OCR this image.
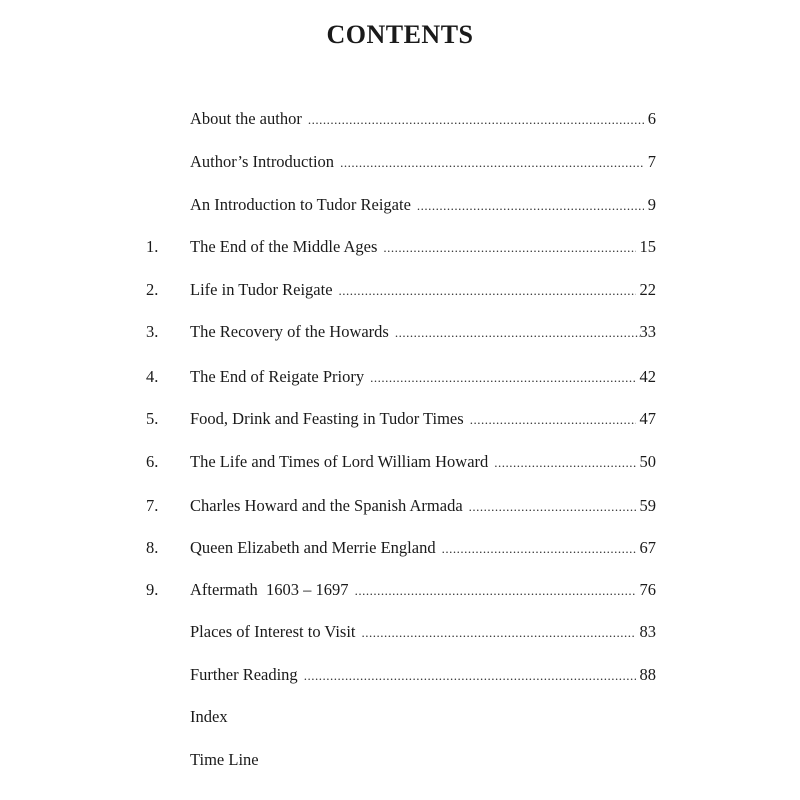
CONTENTS
About the author .....	6
Author’s Introduction .....	7
An Introduction to Tudor Reigate .....	9
1.	The End of the Middle Ages .....	15
2.	Life in Tudor Reigate .....	22
3.	The Recovery of the Howards .....	33
4.	The End of Reigate Priory .....	42
5.	Food, Drink and Feasting in Tudor Times .....	47
6.	The Life and Times of Lord William Howard .....	50
7.	Charles Howard and the Spanish Armada .....	59
8.	Queen Elizabeth and Merrie England .....	67
9.	Aftermath  1603 – 1697 .....	76
Places of Interest to Visit .....	83
Further Reading .....	88
Index
Time Line
